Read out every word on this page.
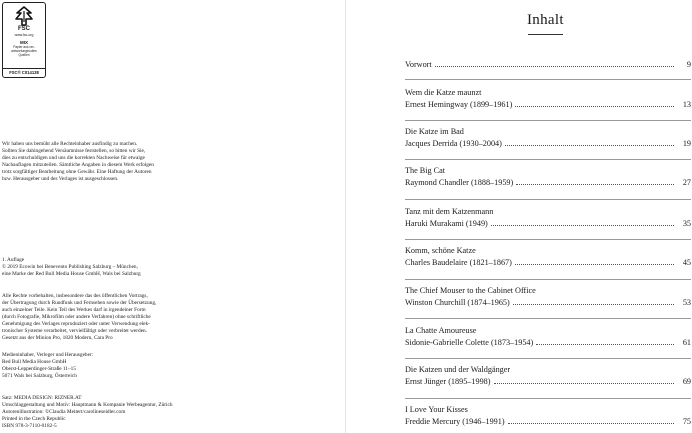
FSC
www.fsc.org
MIX
Papier aus ver-
antwortungsvollen
Quellen
FSC® C014138

Wir haben uns bemüht alle Rechteinhaber ausfindig zu machen.

Sollten Sie dahingehend Versäumnisse feststellen, so bitten wir Sie,

dies zu entschuldigen und uns die korrekten Nachweise für etwaige

Nachauflagen mitzuteilen. Sämtliche Angaben in diesem Werk erfolgen

trotz sorgfältiger Bearbeitung ohne Gewähr. Eine Haftung der Autoren

bzw. Herausgeber und des Verlages ist ausgeschlossen.

1. Auflage

© 2019 Ecowin bei Benevento Publishing Salzburg – München,

eine Marke der Red Bull Media House GmbH, Wals bei Salzburg

Alle Rechte vorbehalten, insbesondere das des öffentlichen Vortrags,

der Übertragung durch Rundfunk und Fernsehen sowie der Übersetzung,

auch einzelner Teile. Kein Teil des Werkes darf in irgendeiner Form

(durch Fotografie, Mikrofilm oder andere Verfahren) ohne schriftliche

Genehmigung des Verlages reproduziert oder unter Verwendung elek-

tronischer Systeme verarbeitet, vervielfältigt oder verbreitet werden.

Gesetzt aus der Minion Pro, 1820 Modern, Cara Pro

Medieninhaber, Verleger und Herausgeber:

Red Bull Media House GmbH

Oberst-Lepperdinger-Straße 11–15

5071 Wals bei Salzburg, Österreich

Satz: MEDIA DESIGN: RIZNER.AT

Umschlaggestaltung und Motiv: Hauptmann & Kompanie Werbeagentur, Zürich

Autorenillustration: ©Claudia Meitert/carolineseidler.com

Printed in the Czech Republic

ISBN 978-3-7110-0182-5

Inhalt
Vorwort	9
Wem die Katze maunzt
Ernest Hemingway (1899–1961)	13
Die Katze im Bad
Jacques Derrida (1930–2004)	19
The Big Cat
Raymond Chandler (1888–1959)	27
Tanz mit dem Katzenmann
Haruki Murakami (1949)	35
Komm, schöne Katze
Charles Baudelaire (1821–1867)	45
The Chief Mouser to the Cabinet Office
Winston Churchill (1874–1965)	53
La Chatte Amoureuse
Sidonie-Gabrielle Colette (1873–1954)	61
Die Katzen und der Waldgänger
Ernst Jünger (1895–1998)	69
I Love Your Kisses
Freddie Mercury (1946–1991)	75
